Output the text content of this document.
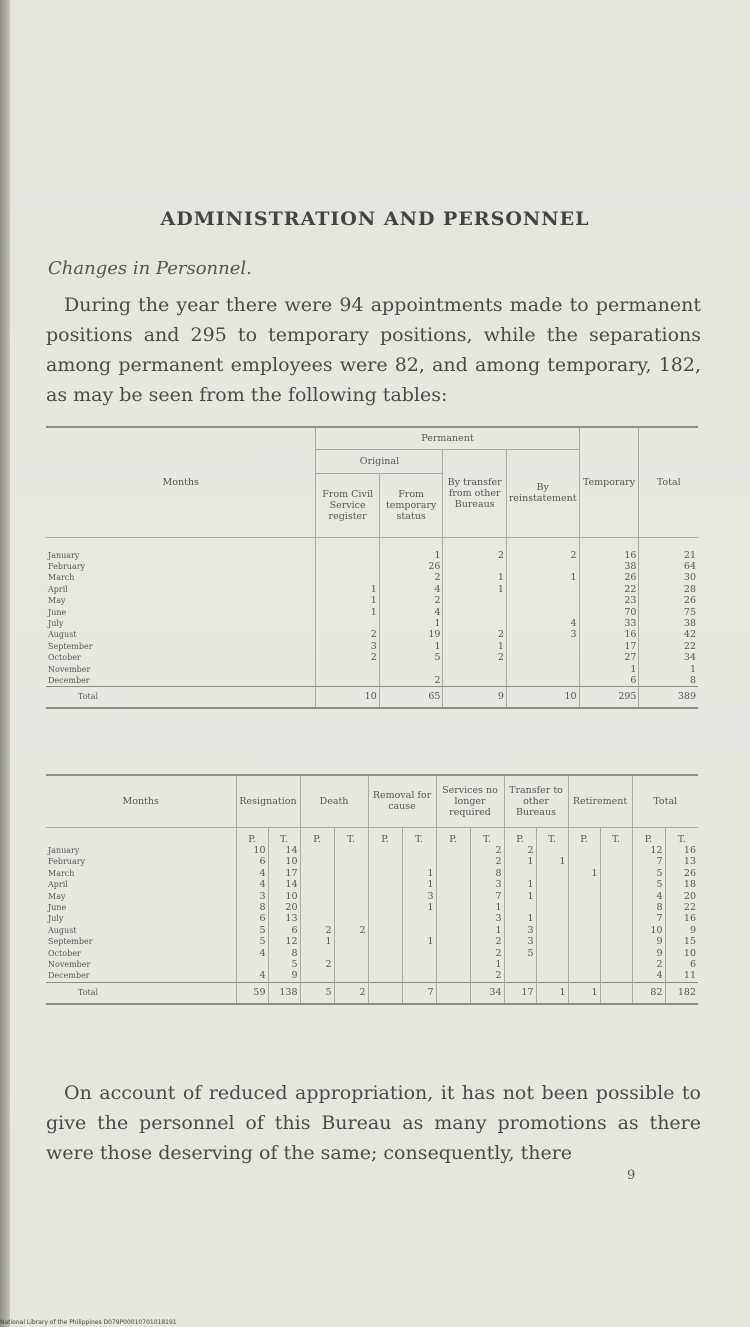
ADMINISTRATION AND PERSONNEL
Changes in Personnel.
During the year there were 94 appointments made to permanent positions and 295 to temporary positions, while the separations among permanent employees were 82, and among temporary, 182, as may be seen from the following tables:
Months	Permanent				Temporary	Total
	Original		By transfer from other Bureaus	By reinstatement		
	From Civil Service register	From temporary status				
January		1	2	2	16	21
February		26			38	64
March		2	1	1	26	30
April	1	4	1		22	28
May	1	2			23	26
June	1	4			70	75
July		1		4	33	38
August	2	19	2	3	16	42
September	3	1	1		17	22
October	2	5	2		27	34
November					1	1
December		2			6	8
Total	10	65	9	10	295	389
Months	Resignation		Death		Removal for cause		Services no longer required		Transfer to other Bureaus		Retirement		Total	
	P.	T.	P.	T.	P.	T.	P.	T.	P.	T.	P.	T.	P.	T.
January	10	14						2	2				12	16
February	6	10						2	1	1			7	13
March	4	17				1		8			1		5	26
April	4	14				1		3	1				5	18
May	3	10				3		7	1				4	20
June	8	20				1		1					8	22
July	6	13						3	1				7	16
August	5	6	2	2				1	3				10	9
September	5	12	1			1		2	3				9	15
October	4	8						2	5				9	10
November		5	2					1					2	6
December	4	9						2					4	11
Total	59	138	5	2		7		34	17	1	1		82	182
On account of reduced appropriation, it has not been possible to give the personnel of this Bureau as many promotions as there were those deserving of the same; consequently, there
9
National Library of the Philippines D079P00010701018191
